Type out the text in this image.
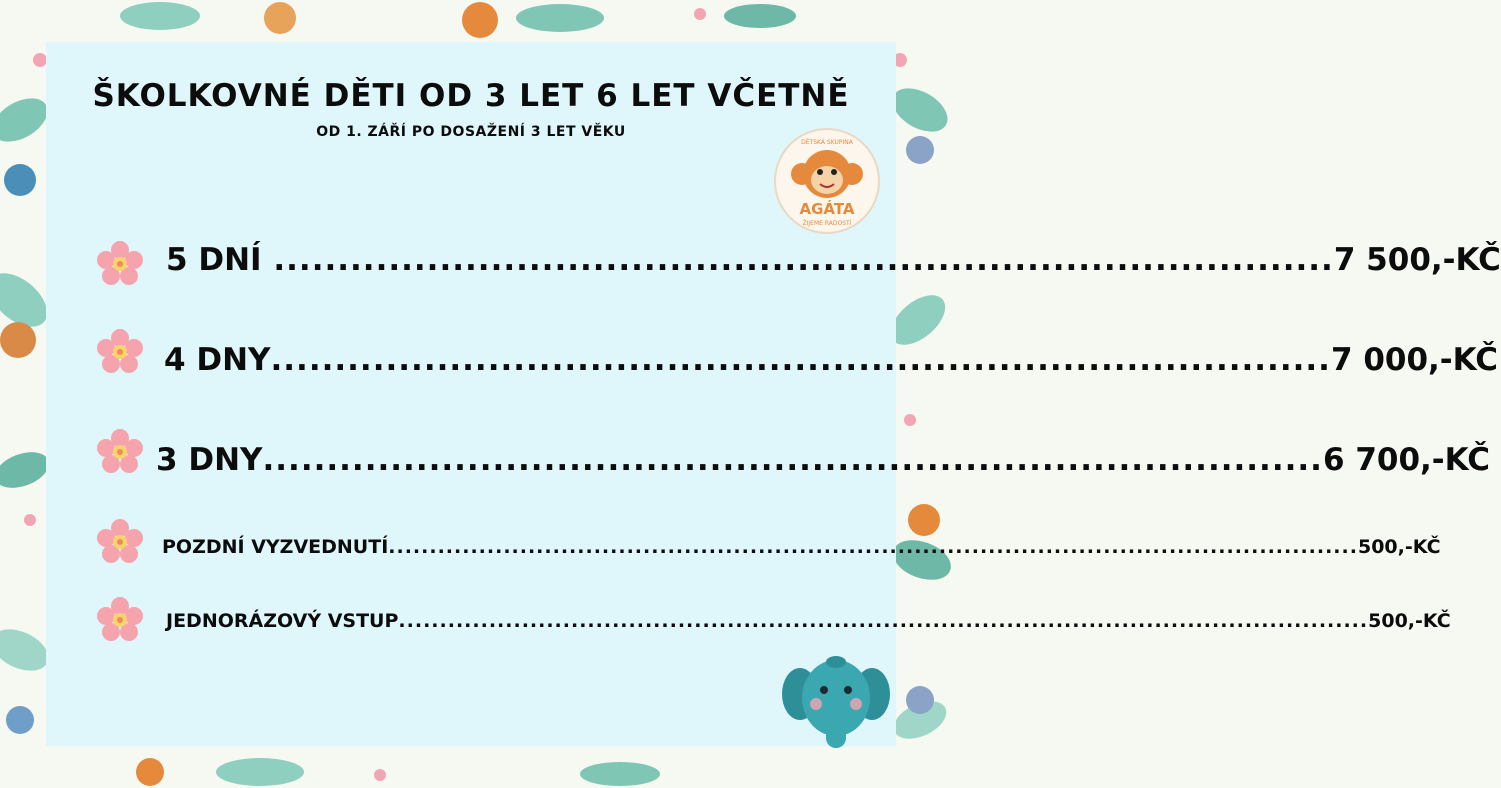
ŠKOLKOVNÉ DĚTI OD 3 LET 6 LET VČETNĚ
OD 1. ZÁŘÍ PO DOSAŽENÍ 3 LET VĚKU
DĚTSKÁ SKUPINA
AGÁTA
ŽIJEME RADOSTÍ
5 DNÍ ................................................................................... 7 500,-KČ
4 DNY ................................................................................... 7 000,-KČ
3 DNY ................................................................................... 6 700,-KČ
POZDNÍ VYZVEDNUTÍ ...................................................................................................................... 500,-KČ
JEDNORÁZOVÝ VSTUP ...................................................................................................................... 500,-KČ
